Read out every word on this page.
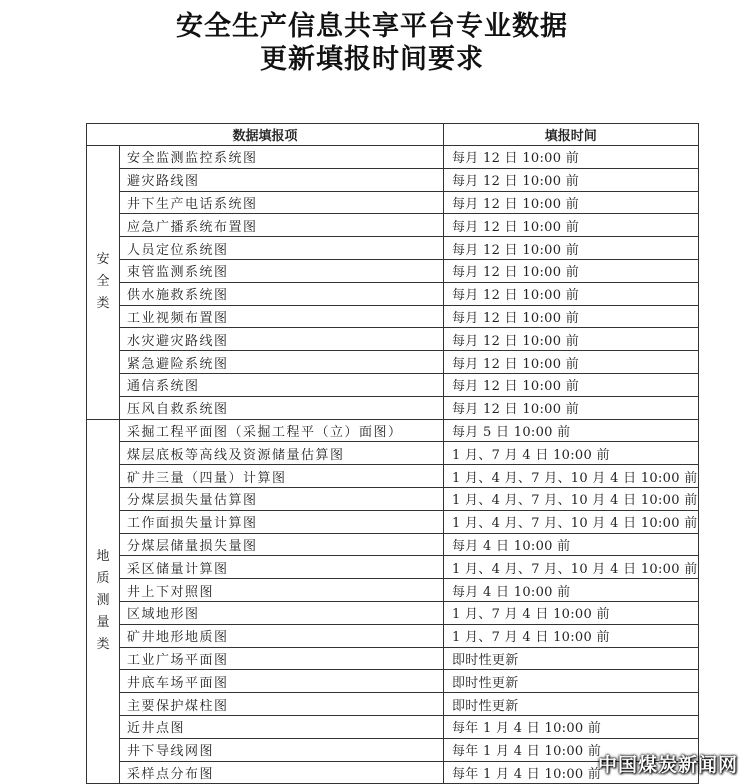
安全生产信息共享平台专业数据
更新填报时间要求
数据填报项		填报时间
安全类	安全监测监控系统图	每月 12 日 10:00 前
	避灾路线图	每月 12 日 10:00 前
	井下生产电话系统图	每月 12 日 10:00 前
	应急广播系统布置图	每月 12 日 10:00 前
	人员定位系统图	每月 12 日 10:00 前
	束管监测系统图	每月 12 日 10:00 前
	供水施救系统图	每月 12 日 10:00 前
	工业视频布置图	每月 12 日 10:00 前
	水灾避灾路线图	每月 12 日 10:00 前
	紧急避险系统图	每月 12 日 10:00 前
	通信系统图	每月 12 日 10:00 前
	压风自救系统图	每月 12 日 10:00 前
地质测量类	采掘工程平面图（采掘工程平（立）面图）	每月 5 日 10:00 前
	煤层底板等高线及资源储量估算图	1 月、7 月 4 日 10:00 前
	矿井三量（四量）计算图	1 月、4 月、7 月、10 月 4 日 10:00 前
	分煤层损失量估算图	1 月、4 月、7 月、10 月 4 日 10:00 前
	工作面损失量计算图	1 月、4 月、7 月、10 月 4 日 10:00 前
	分煤层储量损失量图	每月 4 日 10:00 前
	采区储量计算图	1 月、4 月、7 月、10 月 4 日 10:00 前
	井上下对照图	每月 4 日 10:00 前
	区域地形图	1 月、7 月 4 日 10:00 前
	矿井地形地质图	1 月、7 月 4 日 10:00 前
	工业广场平面图	即时性更新
	井底车场平面图	即时性更新
	主要保护煤柱图	即时性更新
	近井点图	每年 1 月 4 日 10:00 前
	井下导线网图	每年 1 月 4 日 10:00 前
	采样点分布图	每年 1 月 4 日 10:00 前
中国煤炭新闻网
